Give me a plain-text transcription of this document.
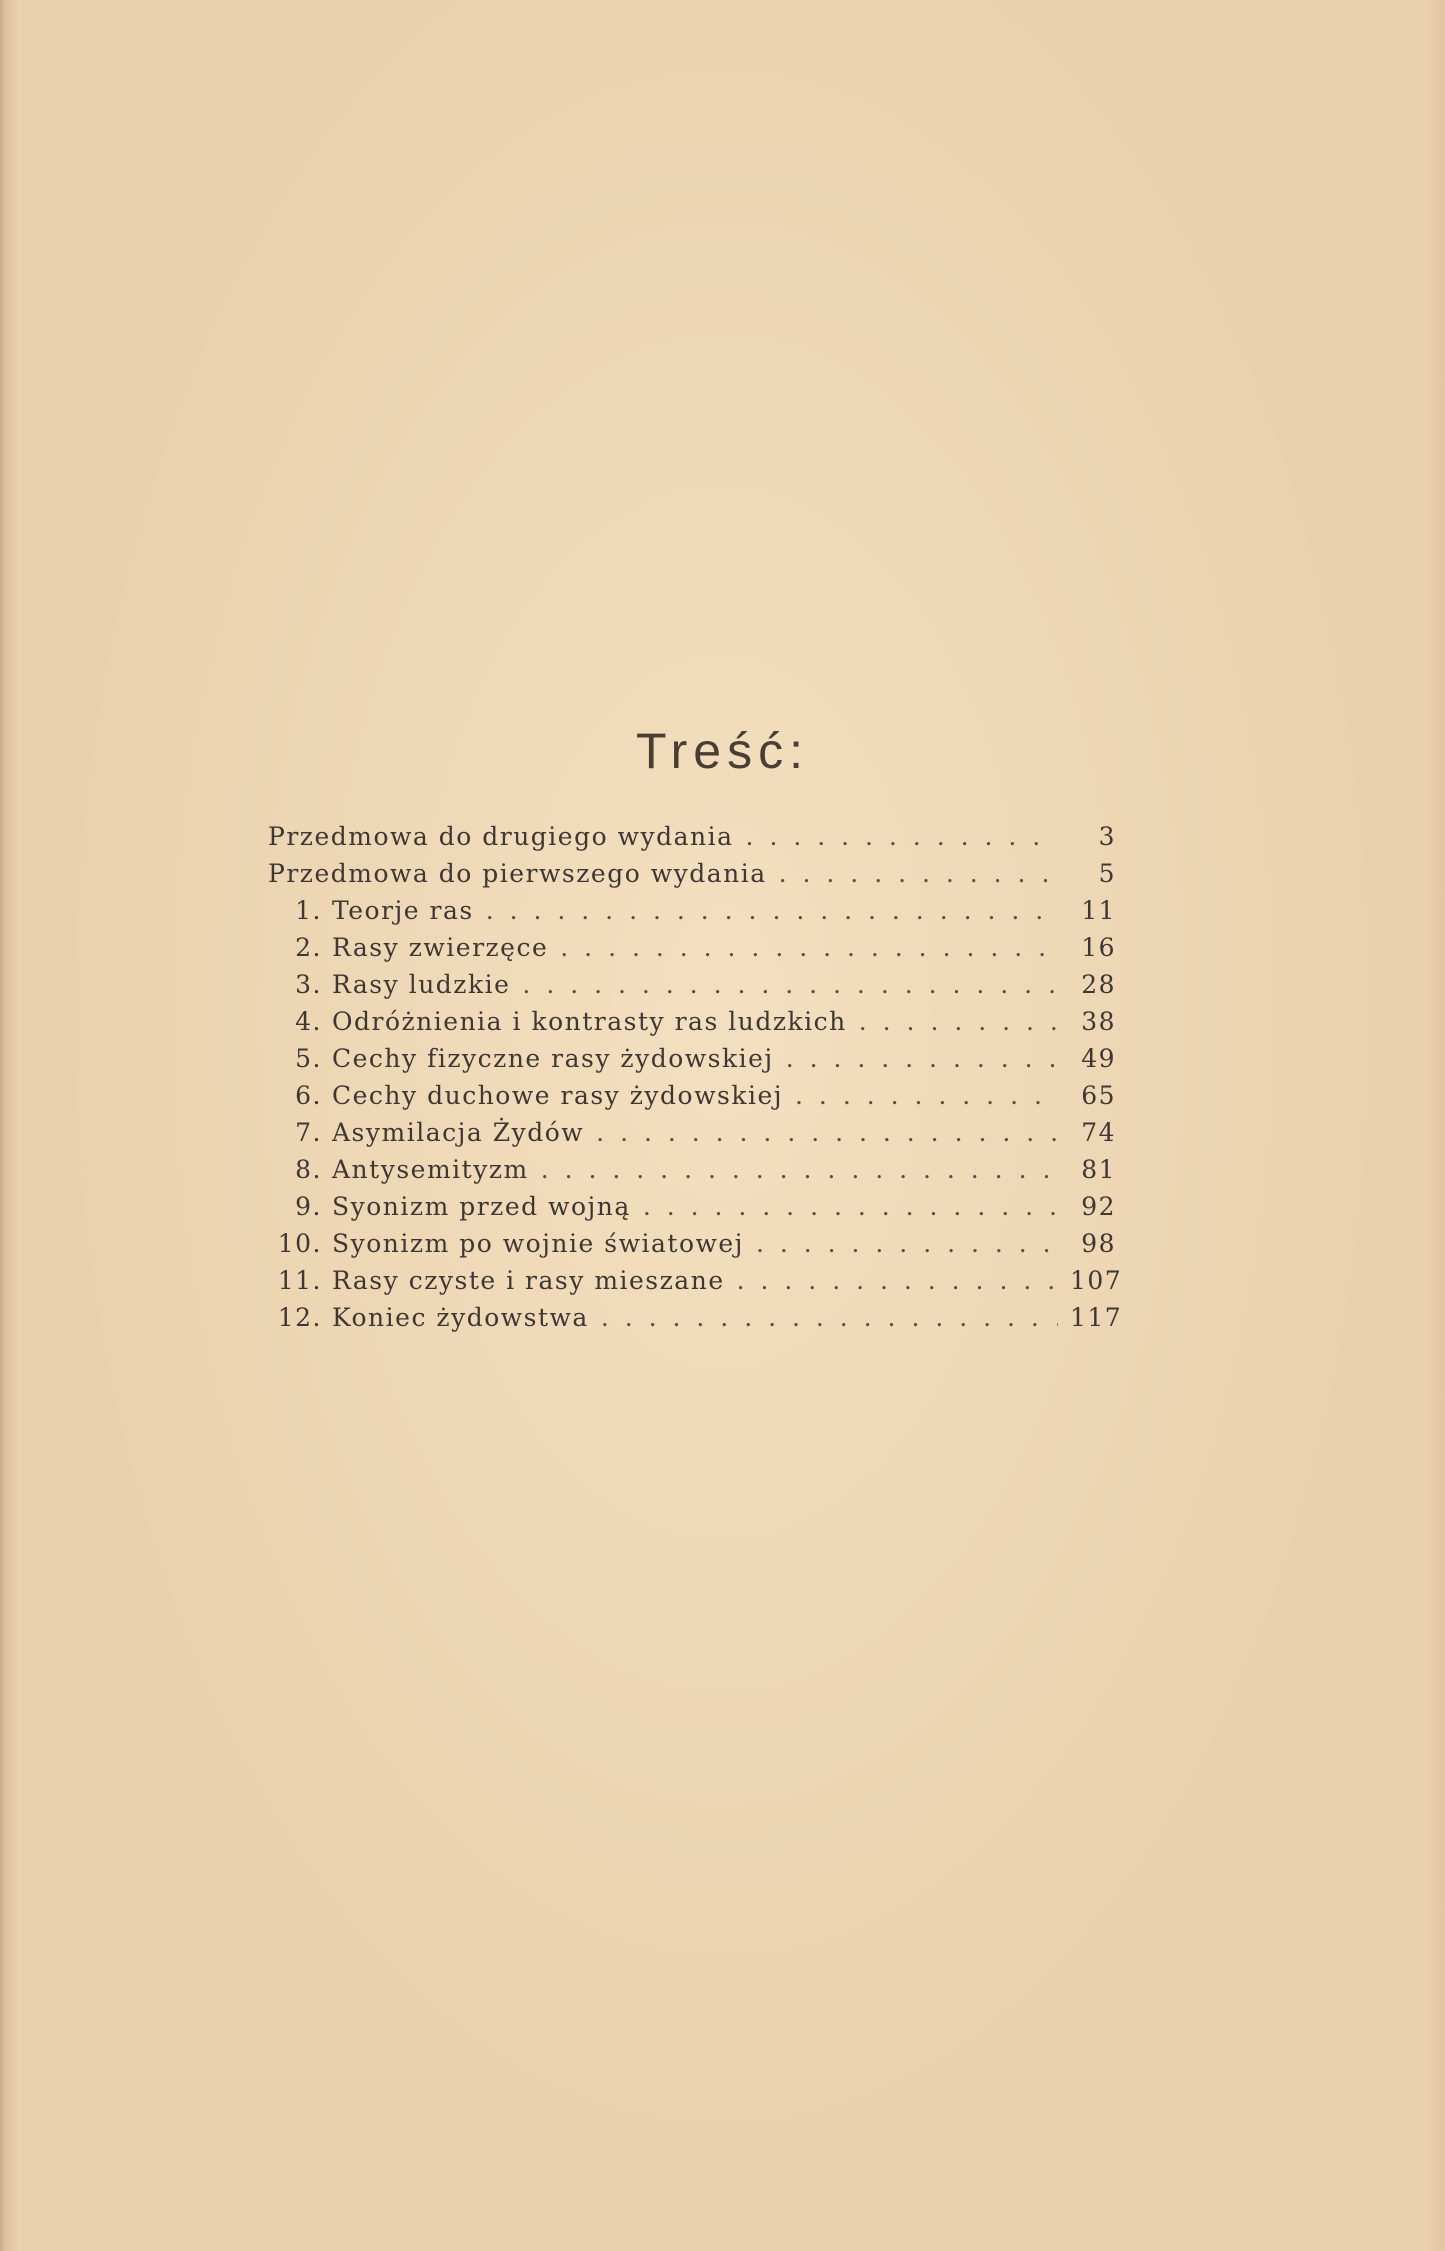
Treść:
Przedmowa do drugiego wydania . . .	3
Przedmowa do pierwszego wydania . . .	5
1. Teorje ras . . .	11
2. Rasy zwierzęce . . .	16
3. Rasy ludzkie . . .	28
4. Odróżnienia i kontrasty ras ludzkich . . .	38
5. Cechy fizyczne rasy żydowskiej . . .	49
6. Cechy duchowe rasy żydowskiej . . .	65
7. Asymilacja Żydów . . .	74
8. Antysemityzm . . .	81
9. Syonizm przed wojną . . .	92
10. Syonizm po wojnie światowej . . .	98
11. Rasy czyste i rasy mieszane . . .	107
12. Koniec żydowstwa . . .	117
